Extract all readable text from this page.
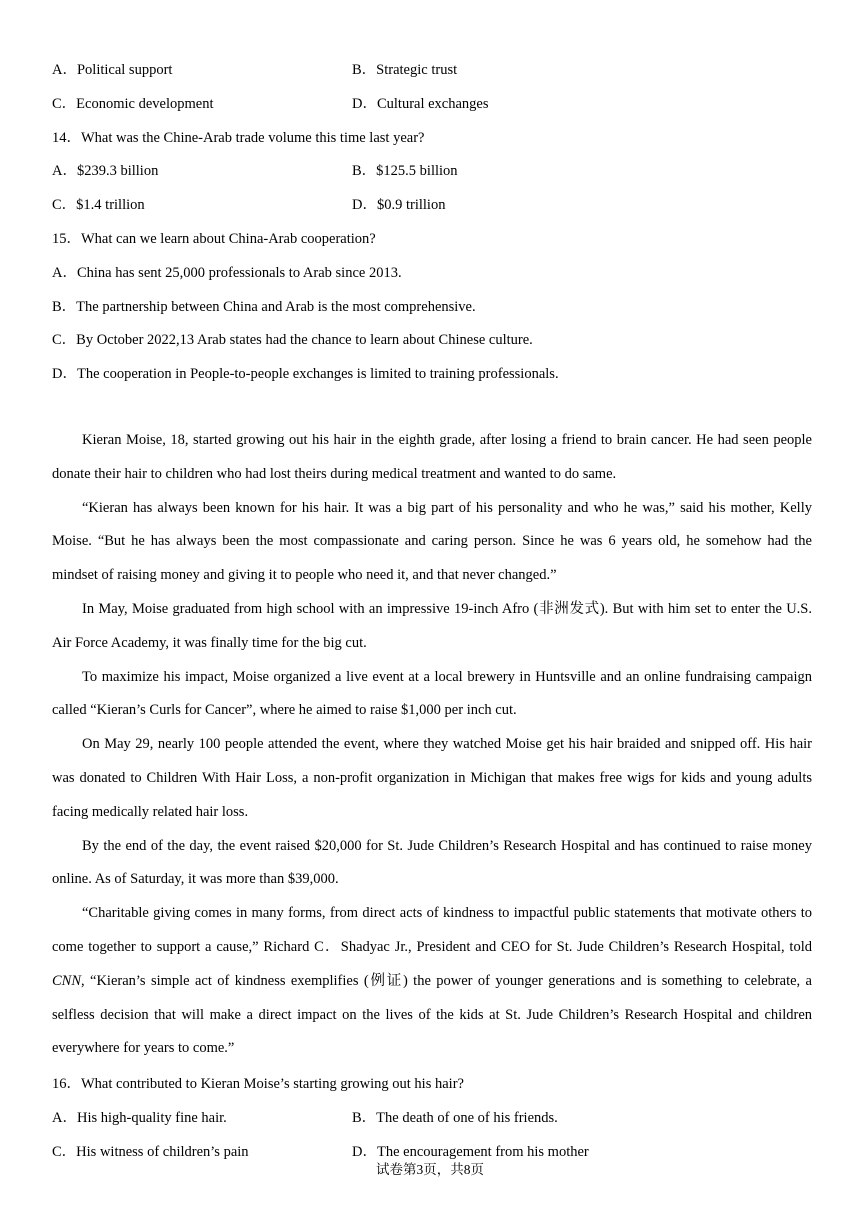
A．Political support	B．Strategic trust
C．Economic development	D．Cultural exchanges
14．What was the Chine-Arab trade volume this time last year?
A．$239.3 billion	B．$125.5 billion
C．$1.4 trillion	D．$0.9 trillion
15．What can we learn about China-Arab cooperation?
A．China has sent 25,000 professionals to Arab since 2013.
B．The partnership between China and Arab is the most comprehensive.
C．By October 2022,13 Arab states had the chance to learn about Chinese culture.
D．The cooperation in People-to-people exchanges is limited to training professionals.

Kieran Moise, 18, started growing out his hair in the eighth grade, after losing a friend to brain cancer. He had seen people donate their hair to children who had lost theirs during medical treatment and wanted to do same.

“Kieran has always been known for his hair. It was a big part of his personality and who he was,” said his mother, Kelly Moise. “But he has always been the most compassionate and caring person. Since he was 6 years old, he somehow had the mindset of raising money and giving it to people who need it, and that never changed.”

In May, Moise graduated from high school with an impressive 19-inch Afro (非洲发式). But with him set to enter the U.S. Air Force Academy, it was finally time for the big cut.

To maximize his impact, Moise organized a live event at a local brewery in Huntsville and an online fundraising campaign called “Kieran’s Curls for Cancer”, where he aimed to raise $1,000 per inch cut.

On May 29, nearly 100 people attended the event, where they watched Moise get his hair braided and snipped off. His hair was donated to Children With Hair Loss, a non-profit organization in Michigan that makes free wigs for kids and young adults facing medically related hair loss.

By the end of the day, the event raised $20,000 for St. Jude Children’s Research Hospital and has continued to raise money online. As of Saturday, it was more than $39,000.

“Charitable giving comes in many forms, from direct acts of kindness to impactful public statements that motivate others to come together to support a cause,” Richard C．Shadyac Jr., President and CEO for St. Jude Children’s Research Hospital, told CNN, “Kieran’s simple act of kindness exemplifies (例证) the power of younger generations and is something to celebrate, a selfless decision that will make a direct impact on the lives of the kids at St. Jude Children’s Research Hospital and children everywhere for years to come.”

16．What contributed to Kieran Moise’s starting growing out his hair?
A．His high-quality fine hair.	B．The death of one of his friends.
C．His witness of children’s pain	D．The encouragement from his mother
试卷第3页，共8页
